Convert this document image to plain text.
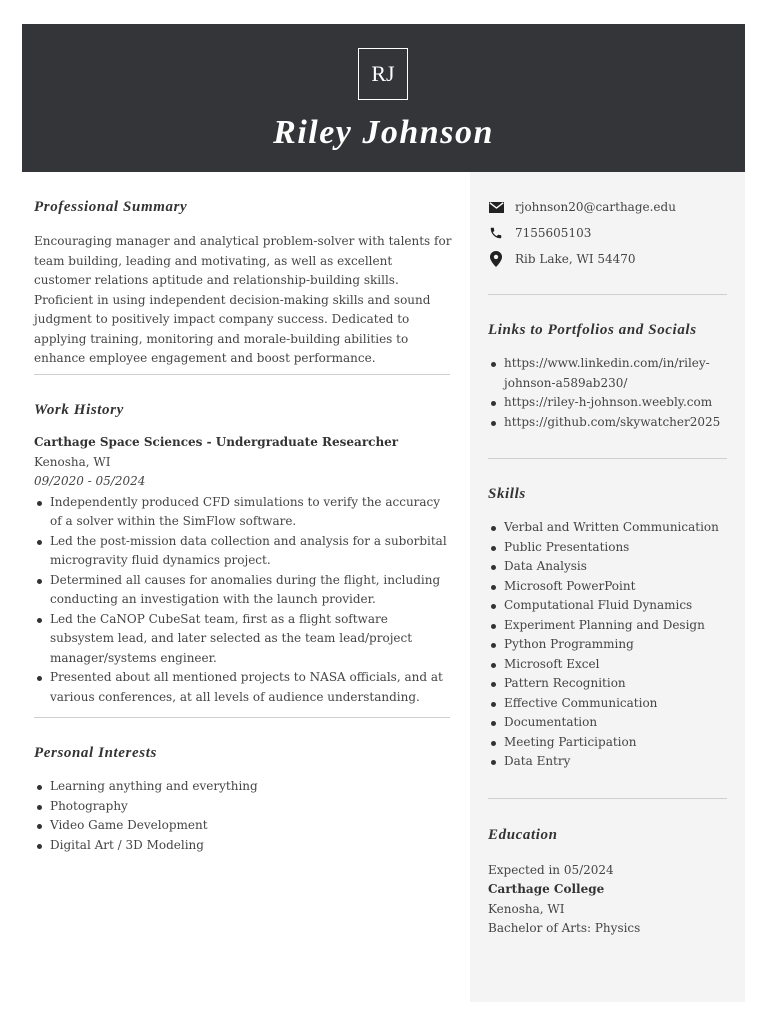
RJ
Riley Johnson
rjohnson20@carthage.edu
7155605103
Rib Lake, WI 54470
Links to Portfolios and Socials
https://www.linkedin.com/in/riley-johnson-a589ab230/
https://riley-h-johnson.weebly.com
https://github.com/skywatcher2025
Skills
Verbal and Written Communication
Public Presentations
Data Analysis
Microsoft PowerPoint
Computational Fluid Dynamics
Experiment Planning and Design
Python Programming
Microsoft Excel
Pattern Recognition
Effective Communication
Documentation
Meeting Participation
Data Entry
Education
Expected in 05/2024
Carthage College
Kenosha, WI
Bachelor of Arts: Physics
Professional Summary

Encouraging manager and analytical problem-solver with talents for team building, leading and motivating, as well as excellent customer relations aptitude and relationship-building skills. Proficient in using independent decision-making skills and sound judgment to positively impact company success. Dedicated to applying training, monitoring and morale-building abilities to enhance employee engagement and boost performance.

Work History
Carthage Space Sciences - Undergraduate Researcher
Kenosha, WI
09/2020 - 05/2024
Independently produced CFD simulations to verify the accuracy of a solver within the SimFlow software.
Led the post-mission data collection and analysis for a suborbital microgravity fluid dynamics project.
Determined all causes for anomalies during the flight, including conducting an investigation with the launch provider.
Led the CaNOP CubeSat team, first as a flight software subsystem lead, and later selected as the team lead/project manager/systems engineer.
Presented about all mentioned projects to NASA officials, and at various conferences, at all levels of audience understanding.
Personal Interests
Learning anything and everything
Photography
Video Game Development
Digital Art / 3D Modeling
